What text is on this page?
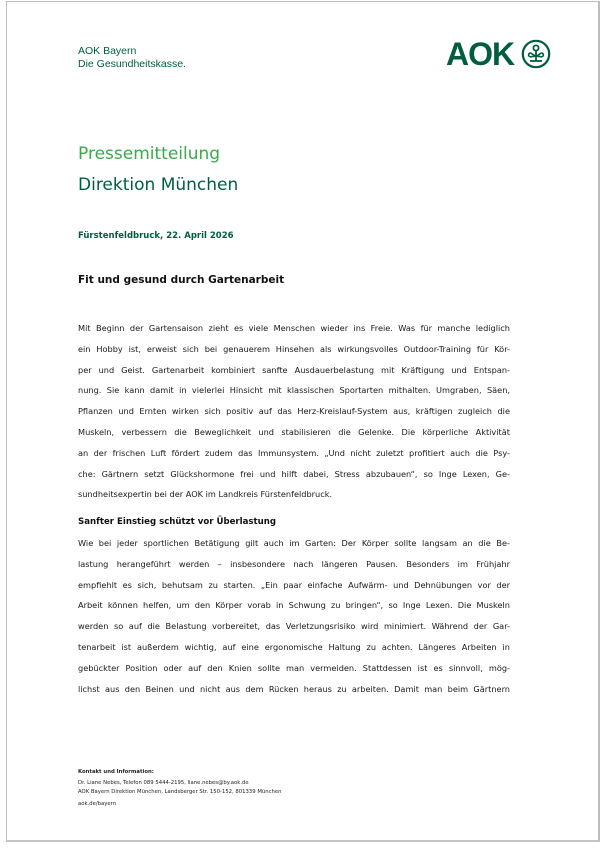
AOK Bayern
Die Gesundheitskasse.	AOK
Pressemitteilung
Direktion München
Fürstenfeldbruck, 22. April 2026
Fit und gesund durch Gartenarbeit
Mit Beginn der Gartensaison zieht es viele Menschen wieder ins Freie. Was für manche lediglich
ein Hobby ist, erweist sich bei genauerem Hinsehen als wirkungsvolles Outdoor-Training für Kör-
per und Geist. Gartenarbeit kombiniert sanfte Ausdauerbelastung mit Kräftigung und Entspan-
nung. Sie kann damit in vielerlei Hinsicht mit klassischen Sportarten mithalten. Umgraben, Säen,
Pflanzen und Ernten wirken sich positiv auf das Herz-Kreislauf-System aus, kräftigen zugleich die
Muskeln, verbessern die Beweglichkeit und stabilisieren die Gelenke. Die körperliche Aktivität
an der frischen Luft fördert zudem das Immunsystem. „Und nicht zuletzt profitiert auch die Psy-
che: Gärtnern setzt Glückshormone frei und hilft dabei, Stress abzubauen“, so Inge Lexen, Ge-
sundheitsexpertin bei der AOK im Landkreis Fürstenfeldbruck.
Sanfter Einstieg schützt vor Überlastung
Wie bei jeder sportlichen Betätigung gilt auch im Garten: Der Körper sollte langsam an die Be-
lastung herangeführt werden – insbesondere nach längeren Pausen. Besonders im Frühjahr
empfiehlt es sich, behutsam zu starten. „Ein paar einfache Aufwärm- und Dehnübungen vor der
Arbeit können helfen, um den Körper vorab in Schwung zu bringen“, so Inge Lexen. Die Muskeln
werden so auf die Belastung vorbereitet, das Verletzungsrisiko wird minimiert. Während der Gar-
tenarbeit ist außerdem wichtig, auf eine ergonomische Haltung zu achten. Längeres Arbeiten in
gebückter Position oder auf den Knien sollte man vermeiden. Stattdessen ist es sinnvoll, mög-
lichst aus den Beinen und nicht aus dem Rücken heraus zu arbeiten. Damit man beim Gärtnern
Kontakt und Information:
Dr. Liane Nebes, Telefon 089 5444-2195, liane.nebes@by.aok.de
AOK Bayern Direktion München, Landsberger Str. 150-152, 801339 München
aok.de/bayern
